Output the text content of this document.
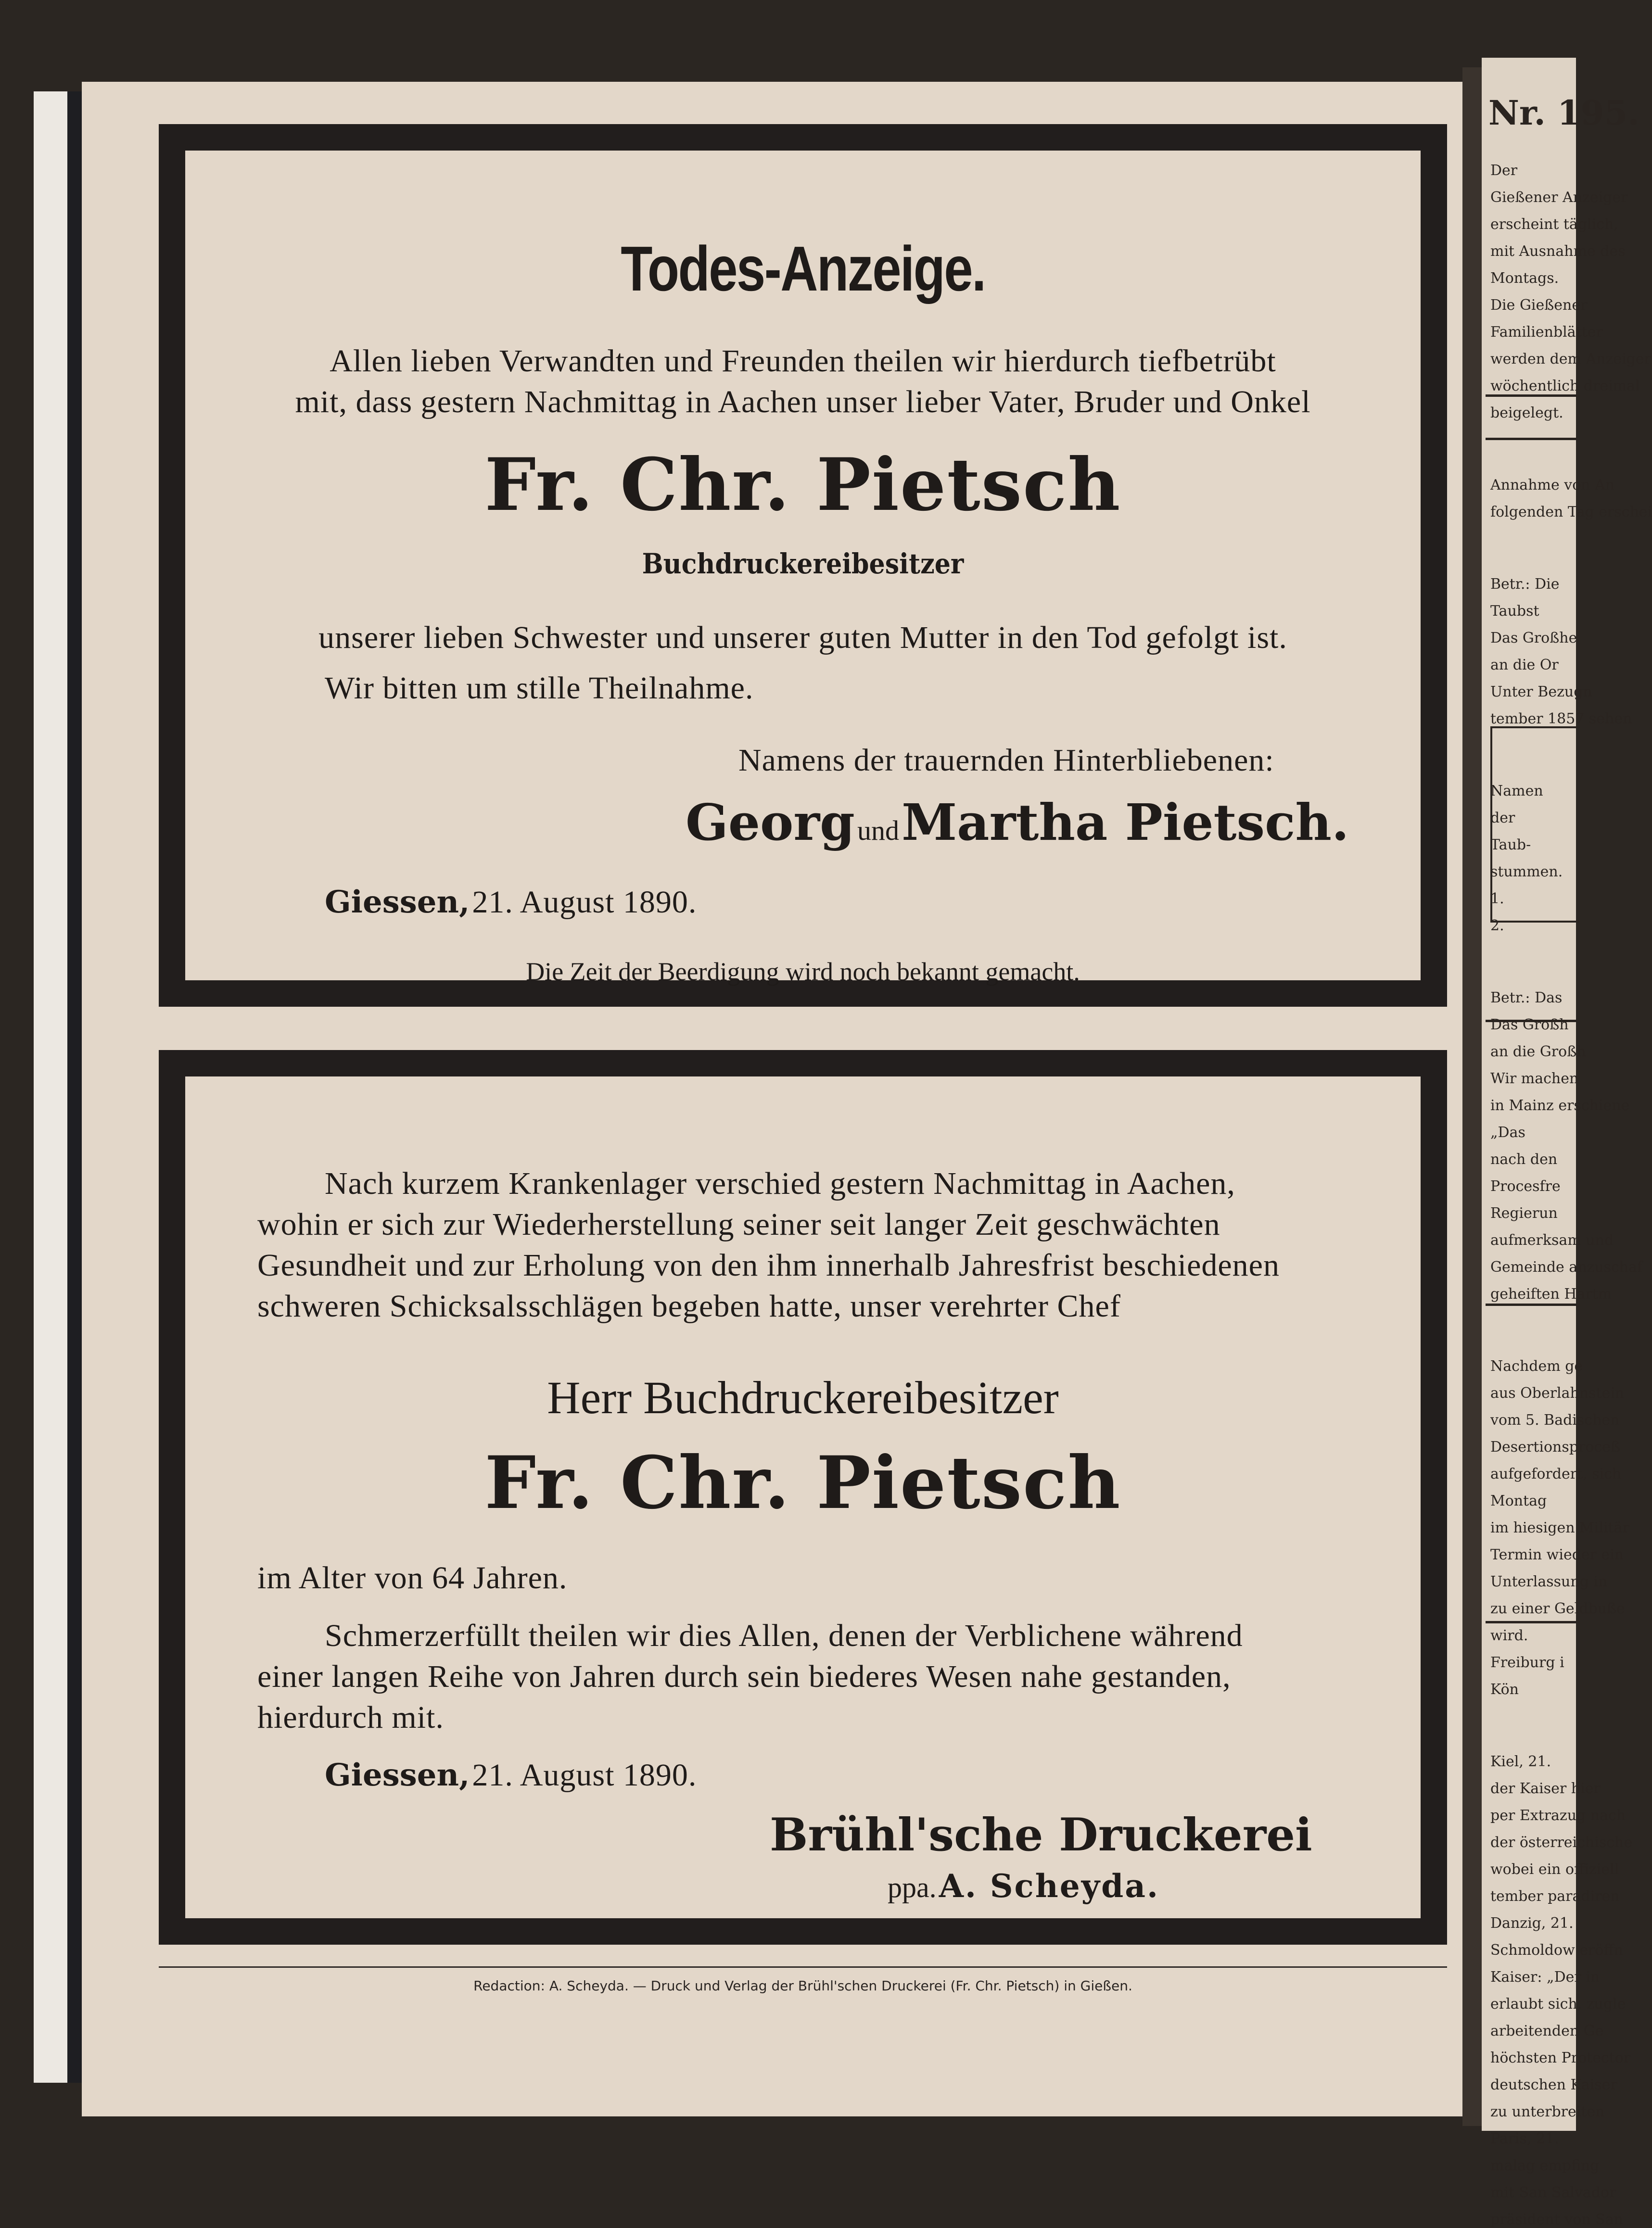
Todes-Anzeige.
Allen lieben Verwandten und Freunden theilen wir hierdurch tiefbetrübt
mit, dass gestern Nachmittag in Aachen unser lieber Vater, Bruder und Onkel
Fr. Chr. Pietsch
Buchdruckereibesitzer
unserer lieben Schwester und unserer guten Mutter in den Tod gefolgt ist.
Wir bitten um stille Theilnahme.
Namens der trauernden Hinterbliebenen:
Georg und Martha Pietsch.
Giessen, 21. August 1890.
Die Zeit der Beerdigung wird noch bekannt gemacht.
Nach kurzem Krankenlager verschied gestern Nachmittag in Aachen,
wohin er sich zur Wiederherstellung seiner seit langer Zeit geschwächten
Gesundheit und zur Erholung von den ihm innerhalb Jahresfrist beschiedenen
schweren Schicksalsschlägen begeben hatte, unser verehrter Chef
Herr Buchdruckereibesitzer
Fr. Chr. Pietsch
im Alter von 64 Jahren.
Schmerzerfüllt theilen wir dies Allen, denen der Verblichene während
einer langen Reihe von Jahren durch sein biederes Wesen nahe gestanden,
hierdurch mit.
Giessen, 21. August 1890.
Brühl'sche Druckerei
ppa. A. Scheyda.
Redaction: A. Scheyda. — Druck und Verlag der Brühl'schen Druckerei (Fr. Chr. Pietsch) in Gießen.
Nr. 195.
Der
Gießener Anzeiger
erscheint täglich,
mit Ausnahme des
Montags.
Die Gießener
Familienblätter
werden dem Anzeiger
wöchentlich dreimal
beigelegt.
Annahme von An
folgenden Tag erschei
Betr.: Die
Taubst
Das Großhe
an die Or
Unter Bezugn
tember 1857 sehen
Namen
der
Taub-
stummen.
1.
2.
Betr.: Das
Das Großh
an die Großh
Wir machen
in Mainz erschiene
„Das
nach den
Procesfre
Regierun
aufmerksam und
Gemeinde anzuschaf
geheiften Hartm
Nachdem ge
aus Oberlahnstein
vom 5. Badischen
Desertionsproceß
aufgefordert, sich
Montag
im hiesigen Militär
Termin wieder ein
Unterlassung in
zu einer Geldbuße
wird.
Freiburg i
Kön
Kiel, 21.
der Kaiser hier
per Extrazug nach
der österreichische
wobei ein offiziell
tember paradiren
Danzig, 21.
Schmoldow eröffn
Kaiser: „Der in
erlaubt sich, zugle
arbeitenden Ge
höchsten Protector
deutschen Kaiser
zu unterbreiten
Paris, 21.
malag empfing
mit San Salvador
präsident von San
